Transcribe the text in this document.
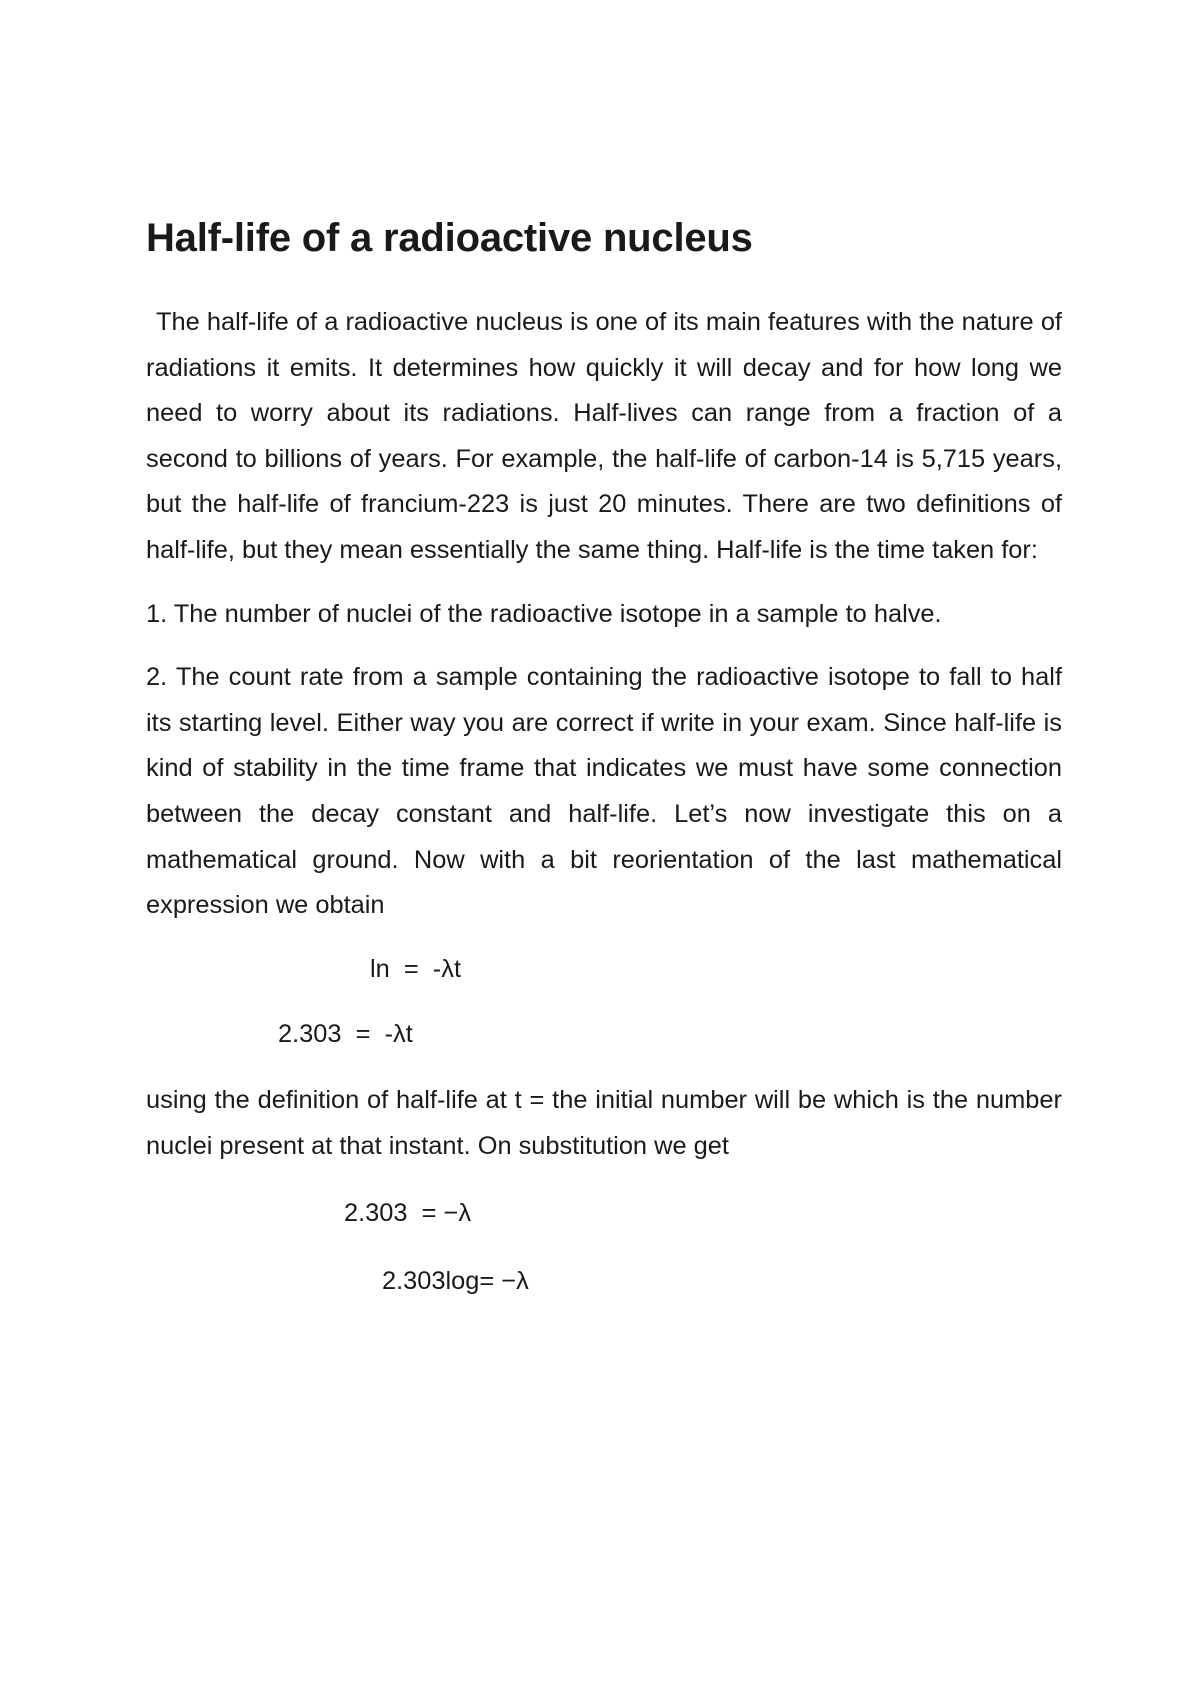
Half-life of a radioactive nucleus

The half-life of a radioactive nucleus is one of its main features with the nature of radiations it emits. It determines how quickly it will decay and for how long we need to worry about its radiations. Half-lives can range from a fraction of a second to billions of years. For example, the half-life of carbon-14 is 5,715 years, but the half-life of francium-223 is just 20 minutes. There are two definitions of half-life, but they mean essentially the same thing. Half-life is the time taken for:

1. The number of nuclei of the radioactive isotope in a sample to halve.

2. The count rate from a sample containing the radioactive isotope to fall to half its starting level. Either way you are correct if write in your exam. Since half-life is kind of stability in the time frame that indicates we must have some connection between the decay constant and half-life. Let’s now investigate this on a mathematical ground. Now with a bit reorientation of the last mathematical expression we obtain

ln  =  -λt
2.303  =  -λt

using the definition of half-life at t = the initial number will be which is the number nuclei present at that instant. On substitution we get

2.303  = −λ
2.303log= −λ
